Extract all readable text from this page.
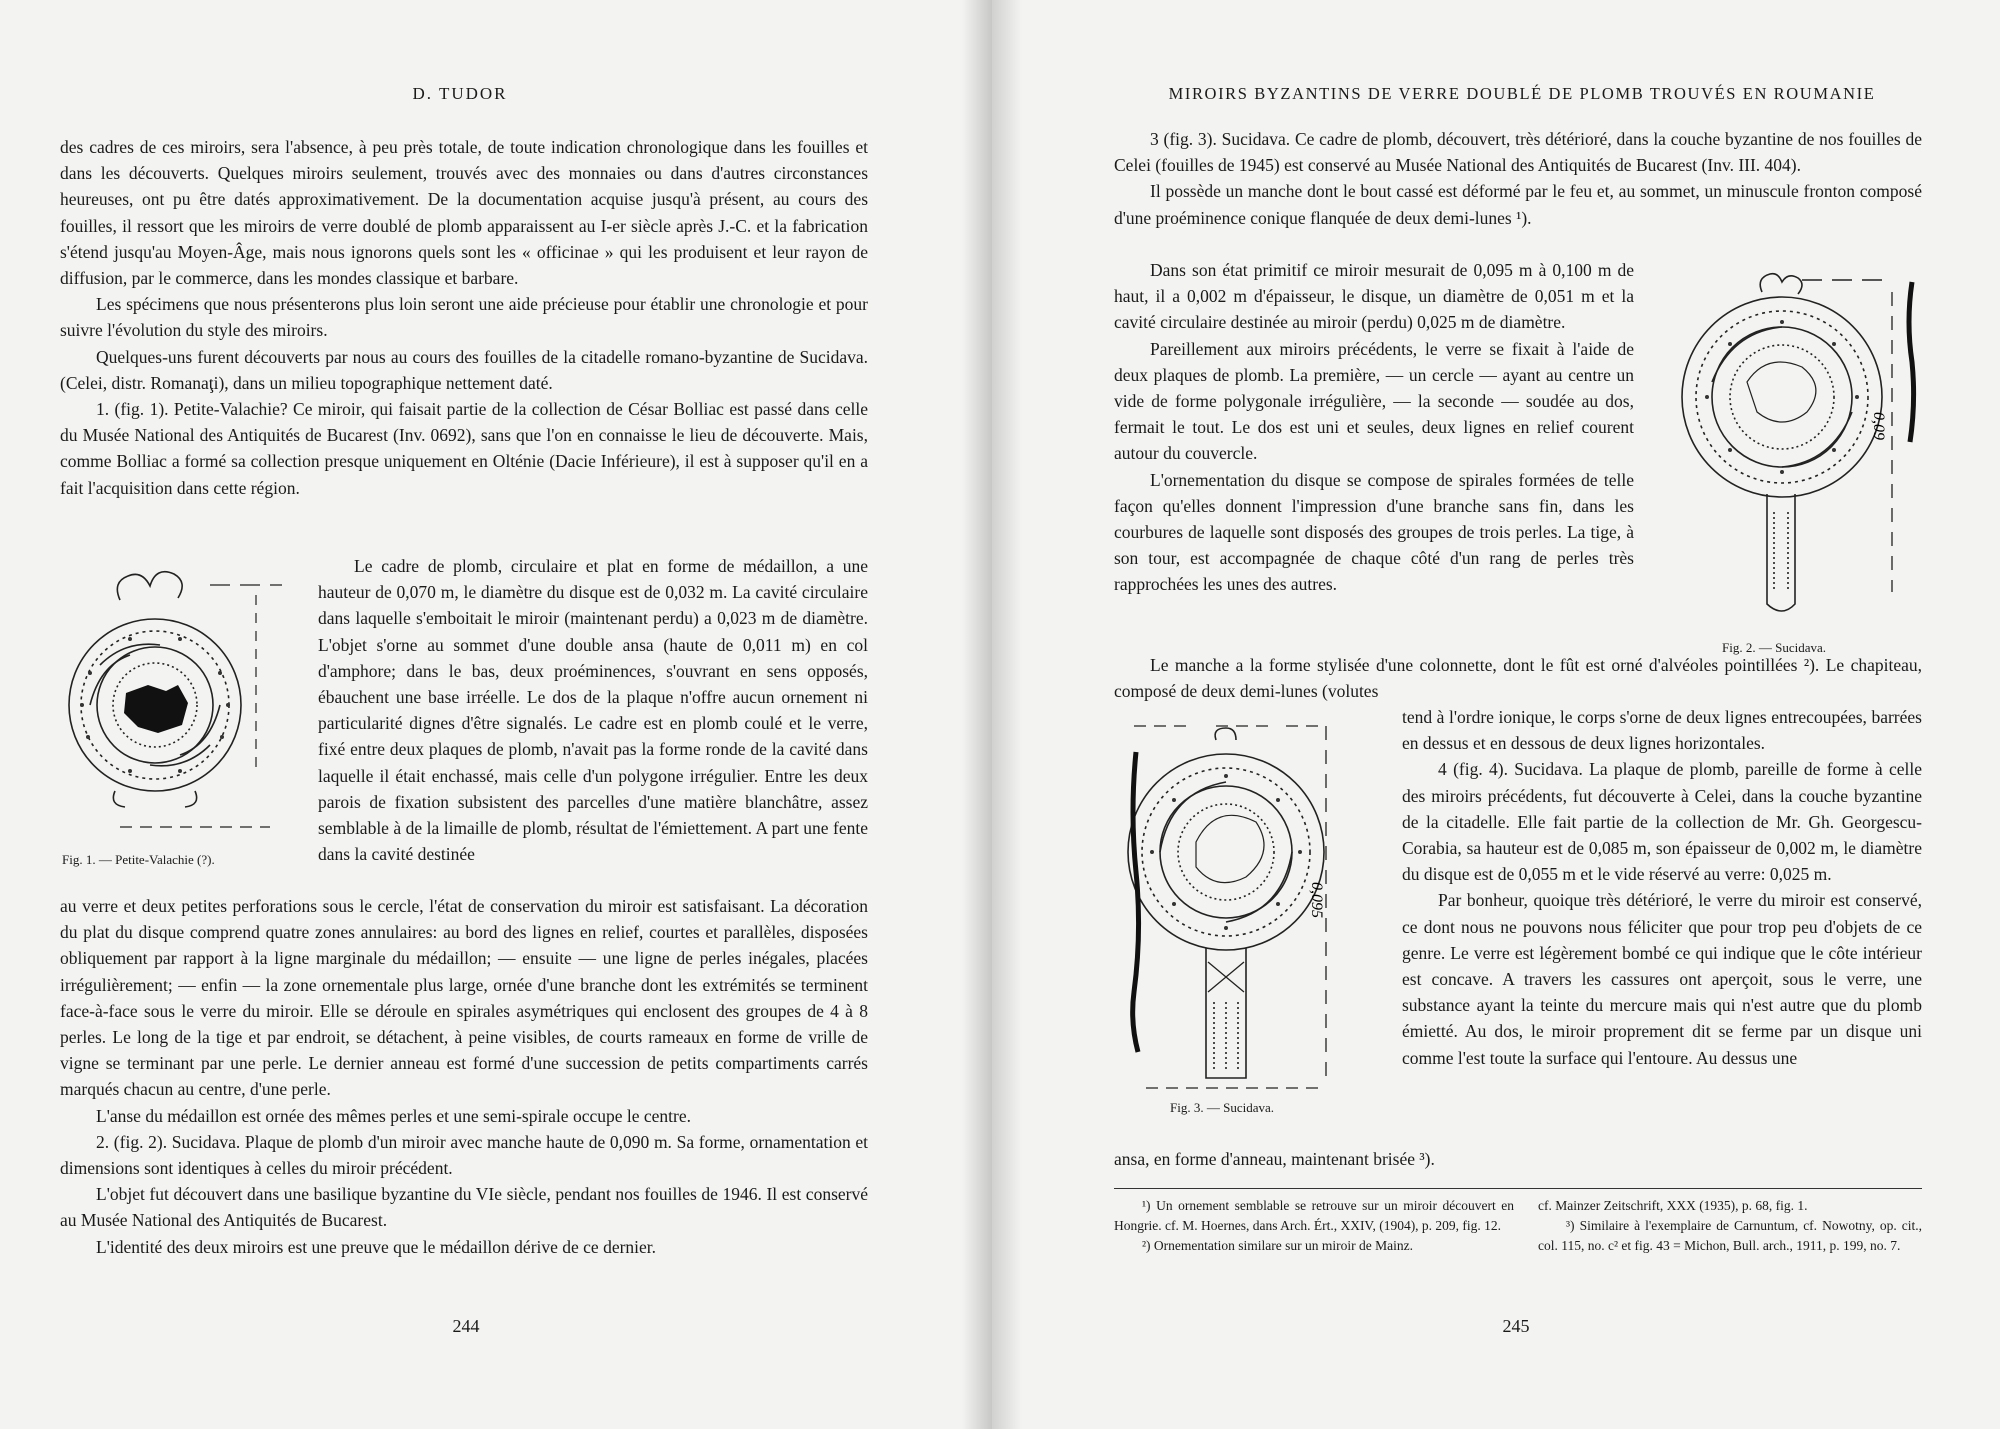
D. TUDOR

des cadres de ces miroirs, sera l'absence, à peu près totale, de toute indication chronologique dans les fouilles et dans les découverts. Quelques miroirs seulement, trouvés avec des monnaies ou dans d'autres circonstances heureuses, ont pu être datés approximativement. De la documentation acquise jusqu'à présent, au cours des fouilles, il ressort que les miroirs de verre doublé de plomb apparaissent au I-er siècle après J.-C. et la fabrication s'étend jusqu'au Moyen-Âge, mais nous ignorons quels sont les « officinae » qui les produisent et leur rayon de diffusion, par le commerce, dans les mondes classique et barbare.

Les spécimens que nous présenterons plus loin seront une aide précieuse pour établir une chronologie et pour suivre l'évolution du style des miroirs.

Quelques-uns furent découverts par nous au cours des fouilles de la citadelle romano-byzantine de Sucidava. (Celei, distr. Romanaţi), dans un milieu topographique nettement daté.

1. (fig. 1). Petite-Valachie? Ce miroir, qui faisait partie de la collection de César Bolliac est passé dans celle du Musée National des Antiquités de Bucarest (Inv. 0692), sans que l'on en connaisse le lieu de découverte. Mais, comme Bolliac a formé sa collection presque uniquement en Olténie (Dacie Inférieure), il est à supposer qu'il en a fait l'acquisition dans cette région.

Fig. 1. — Petite-Valachie (?).

Le cadre de plomb, circulaire et plat en forme de médaillon, a une hauteur de 0,070 m, le diamètre du disque est de 0,032 m. La cavité circulaire dans laquelle s'emboitait le miroir (maintenant perdu) a 0,023 m de diamètre. L'objet s'orne au sommet d'une double ansa (haute de 0,011 m) en col d'amphore; dans le bas, deux proéminences, s'ouvrant en sens opposés, ébauchent une base irréelle. Le dos de la plaque n'offre aucun ornement ni particularité dignes d'être signalés. Le cadre est en plomb coulé et le verre, fixé entre deux plaques de plomb, n'avait pas la forme ronde de la cavité dans laquelle il était enchassé, mais celle d'un polygone irrégulier. Entre les deux parois de fixation subsistent des parcelles d'une matière blanchâtre, assez semblable à de la limaille de plomb, résultat de l'émiettement. A part une fente dans la cavité destinée

au verre et deux petites perforations sous le cercle, l'état de conservation du miroir est satisfaisant. La décoration du plat du disque comprend quatre zones annulaires: au bord des lignes en relief, courtes et parallèles, disposées obliquement par rapport à la ligne marginale du médaillon; — ensuite — une ligne de perles inégales, placées irrégulièrement; — enfin — la zone ornementale plus large, ornée d'une branche dont les extrémités se terminent face-à-face sous le verre du miroir. Elle se déroule en spirales asymétriques qui enclosent des groupes de 4 à 8 perles. Le long de la tige et par endroit, se détachent, à peine visibles, de courts rameaux en forme de vrille de vigne se terminant par une perle. Le dernier anneau est formé d'une succession de petits compartiments carrés marqués chacun au centre, d'une perle.

L'anse du médaillon est ornée des mêmes perles et une semi-spirale occupe le centre.

2. (fig. 2). Sucidava. Plaque de plomb d'un miroir avec manche haute de 0,090 m. Sa forme, ornamentation et dimensions sont identiques à celles du miroir précédent.

L'objet fut découvert dans une basilique byzantine du VIe siècle, pendant nos fouilles de 1946. Il est conservé au Musée National des Antiquités de Bucarest.

L'identité des deux miroirs est une preuve que le médaillon dérive de ce dernier.

244
MIROIRS BYZANTINS DE VERRE DOUBLÉ DE PLOMB TROUVÉS EN ROUMANIE

3 (fig. 3). Sucidava. Ce cadre de plomb, découvert, très détérioré, dans la couche byzantine de nos fouilles de Celei (fouilles de 1945) est conservé au Musée National des Antiquités de Bucarest (Inv. III. 404).

Il possède un manche dont le bout cassé est déformé par le feu et, au sommet, un minuscule fronton composé d'une proéminence conique flanquée de deux demi-lunes ¹).

Dans son état primitif ce miroir mesurait de 0,095 m à 0,100 m de haut, il a 0,002 m d'épaisseur, le disque, un diamètre de 0,051 m et la cavité circulaire destinée au miroir (perdu) 0,025 m de diamètre.

Pareillement aux miroirs précédents, le verre se fixait à l'aide de deux plaques de plomb. La première, — un cercle — ayant au centre un vide de forme polygonale irrégulière, — la seconde — soudée au dos, fermait le tout. Le dos est uni et seules, deux lignes en relief courent autour du couvercle.

L'ornementation du disque se compose de spirales formées de telle façon qu'elles donnent l'impression d'une branche sans fin, dans les courbures de laquelle sont disposés des groupes de trois perles. La tige, à son tour, est accompagnée de chaque côté d'un rang de perles très rapprochées les unes des autres.

0,09
Fig. 2. — Sucidava.

Le manche a la forme stylisée d'une colonnette, dont le fût est orné d'alvéoles pointillées ²). Le chapiteau, composé de deux demi-lunes (volutes

0,095
Fig. 3. — Sucidava.

tend à l'ordre ionique, le corps s'orne de deux lignes entrecoupées, barrées en dessus et en dessous de deux lignes horizontales.

4 (fig. 4). Sucidava. La plaque de plomb, pareille de forme à celle des miroirs précédents, fut découverte à Celei, dans la couche byzantine de la citadelle. Elle fait partie de la collection de Mr. Gh. Georgescu-Corabia, sa hauteur est de 0,085 m, son épaisseur de 0,002 m, le diamètre du disque est de 0,055 m et le vide réservé au verre: 0,025 m.

Par bonheur, quoique très détérioré, le verre du miroir est conservé, ce dont nous ne pouvons nous féliciter que pour trop peu d'objets de ce genre. Le verre est légèrement bombé ce qui indique que le côte intérieur est concave. A travers les cassures ont aperçoit, sous le verre, une substance ayant la teinte du mercure mais qui n'est autre que du plomb émietté. Au dos, le miroir proprement dit se ferme par un disque uni comme l'est toute la surface qui l'entoure. Au dessus une

ansa, en forme d'anneau, maintenant brisée ³).

¹) Un ornement semblable se retrouve sur un miroir découvert en Hongrie. cf. M. Hoernes, dans Arch. Ért., XXIV, (1904), p. 209, fig. 12.

²) Ornementation similare sur un miroir de Mainz.

cf. Mainzer Zeitschrift, XXX (1935), p. 68, fig. 1.

³) Similaire à l'exemplaire de Carnuntum, cf. Nowotny, op. cit., col. 115, no. c² et fig. 43 = Michon, Bull. arch., 1911, p. 199, no. 7.

245
